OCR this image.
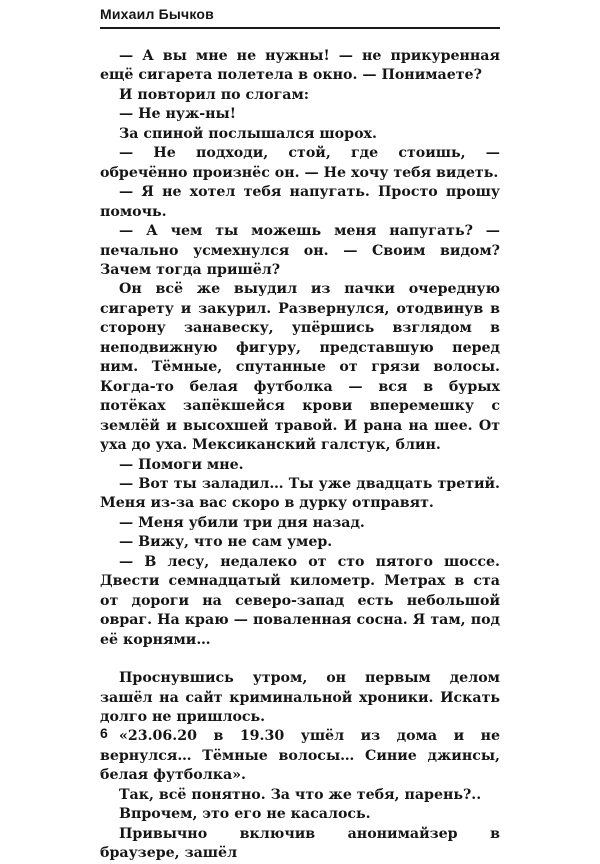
Михаил Бычков

— А вы мне не нужны! — не прикуренная ещё сигарета полетела в окно. — Понимаете?

И повторил по слогам:

— Не нуж-ны!

За спиной послышался шорох.

— Не подходи, стой, где стоишь, — обречённо произнёс он. — Не хочу тебя видеть.

— Я не хотел тебя напугать. Просто прошу помочь.

— А чем ты можешь меня напугать? — печально усмехнулся он. — Своим видом? Зачем тогда пришёл?

Он всё же выудил из пачки очередную сигарету и закурил. Развернулся, отодвинув в сторону занавеску, упёршись взглядом в неподвижную фигуру, представшую перед ним. Тёмные, спутанные от грязи волосы. Когда-то белая футболка — вся в бурых потёках запёкшейся крови вперемешку с землёй и высохшей травой. И рана на шее. От уха до уха. Мексиканский галстук, блин.

— Помоги мне.

— Вот ты заладил… Ты уже двадцать третий. Меня из-за вас скоро в дурку отправят.

— Меня убили три дня назад.

— Вижу, что не сам умер.

— В лесу, недалеко от сто пятого шоссе. Двести семнадцатый километр. Метрах в ста от дороги на северо-запад есть небольшой овраг. На краю — поваленная сосна. Я там, под её корнями…

Проснувшись утром, он первым делом зашёл на сайт криминальной хроники. Искать долго не пришлось.

«23.06.20 в 19.30 ушёл из дома и не вернулся… Тёмные волосы… Синие джинсы, белая футболка».

Так, всё понятно. За что же тебя, парень?..

Впрочем, это его не касалось.

Привычно включив анонимайзер в браузере, зашёл

6
